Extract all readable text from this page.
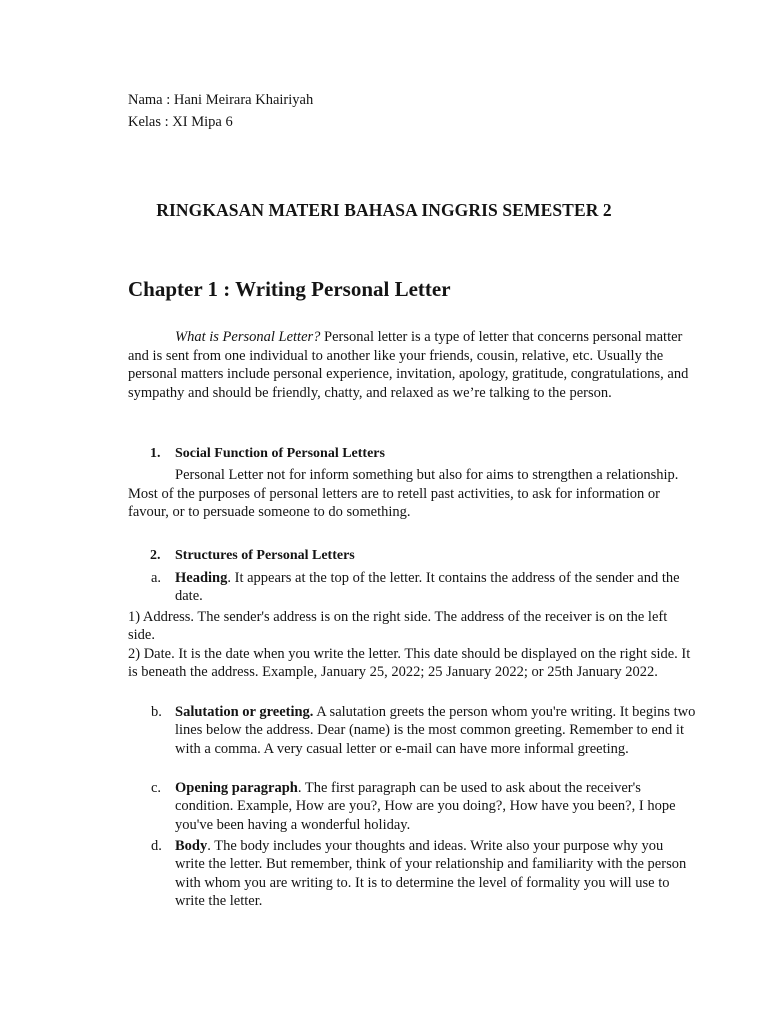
Nama : Hani Meirara Khairiyah
Kelas : XI Mipa 6
RINGKASAN MATERI BAHASA INGGRIS SEMESTER 2
Chapter 1 : Writing Personal Letter
What is Personal Letter? Personal letter is a type of letter that concerns personal matter and is sent from one individual to another like your friends, cousin, relative, etc. Usually the personal matters include personal experience, invitation, apology, gratitude, congratulations, and sympathy and should be friendly, chatty, and relaxed as we’re talking to the person.
1. Social Function of Personal Letters
Personal Letter not for inform something but also for aims to strengthen a relationship. Most of the purposes of personal letters are to retell past activities, to ask for information or favour, or to persuade someone to do something.
2. Structures of Personal Letters
a. Heading. It appears at the top of the letter. It contains the address of the sender and the date.
1) Address. The sender's address is on the right side. The address of the receiver is on the left side.
2) Date. It is the date when you write the letter. This date should be displayed on the right side. It is beneath the address. Example, January 25, 2022; 25 January 2022; or 25th January 2022.
b. Salutation or greeting. A salutation greets the person whom you're writing. It begins two lines below the address. Dear (name) is the most common greeting. Remember to end it with a comma. A very casual letter or e-mail can have more informal greeting.
c. Opening paragraph. The first paragraph can be used to ask about the receiver's condition. Example, How are you?, How are you doing?, How have you been?, I hope you've been having a wonderful holiday.
d. Body. The body includes your thoughts and ideas. Write also your purpose why you write the letter. But remember, think of your relationship and familiarity with the person with whom you are writing to. It is to determine the level of formality you will use to write the letter.
